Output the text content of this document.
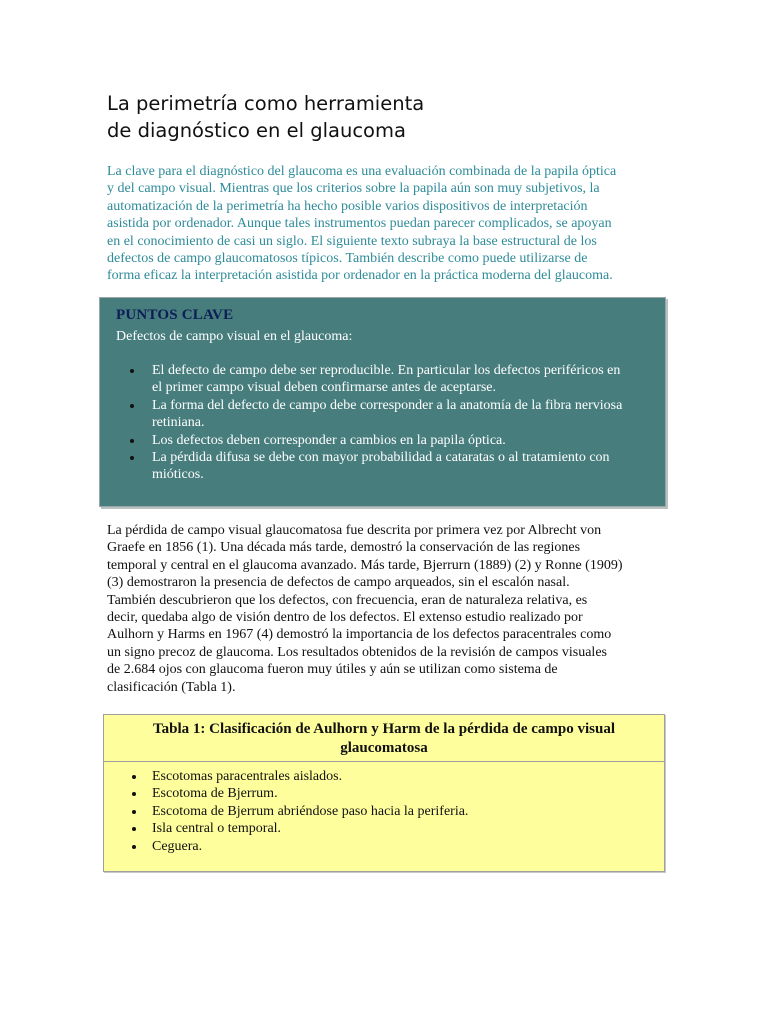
La perimetría como herramienta
de diagnóstico en el glaucoma

La clave para el diagnóstico del glaucoma es una evaluación combinada de la papila óptica
y del campo visual. Mientras que los criterios sobre la papila aún son muy subjetivos, la
automatización de la perimetría ha hecho posible varios dispositivos de interpretación
asistida por ordenador. Aunque tales instrumentos puedan parecer complicados, se apoyan
en el conocimiento de casi un siglo. El siguiente texto subraya la base estructural de los
defectos de campo glaucomatosos típicos. También describe como puede utilizarse de
forma eficaz la interpretación asistida por ordenador en la práctica moderna del glaucoma.

PUNTOS CLAVE
Defectos de campo visual en el glaucoma:
El defecto de campo debe ser reproducible. En particular los defectos periféricos en
el primer campo visual deben confirmarse antes de aceptarse.
La forma del defecto de campo debe corresponder a la anatomía de la fibra nerviosa
retiniana.
Los defectos deben corresponder a cambios en la papila óptica.
La pérdida difusa se debe con mayor probabilidad a cataratas o al tratamiento con
mióticos.
La pérdida de campo visual glaucomatosa fue descrita por primera vez por Albrecht von
Graefe en 1856 (1). Una década más tarde, demostró la conservación de las regiones
temporal y central en el glaucoma avanzado. Más tarde, Bjerrurn (1889) (2) y Ronne (1909)
(3) demostraron la presencia de defectos de campo arqueados, sin el escalón nasal.
También descubrieron que los defectos, con frecuencia, eran de naturaleza relativa, es
decir, quedaba algo de visión dentro de los defectos. El extenso estudio realizado por
Aulhorn y Harms en 1967 (4) demostró la importancia de los defectos paracentrales como
un signo precoz de glaucoma. Los resultados obtenidos de la revisión de campos visuales
de 2.684 ojos con glaucoma fueron muy útiles y aún se utilizan como sistema de
clasificación (Tabla 1).
Tabla 1: Clasificación de Aulhorn y Harm de la pérdida de campo visual
glaucomatosa
Escotomas paracentrales aislados.
Escotoma de Bjerrum.
Escotoma de Bjerrum abriéndose paso hacia la periferia.
Isla central o temporal.
Ceguera.
